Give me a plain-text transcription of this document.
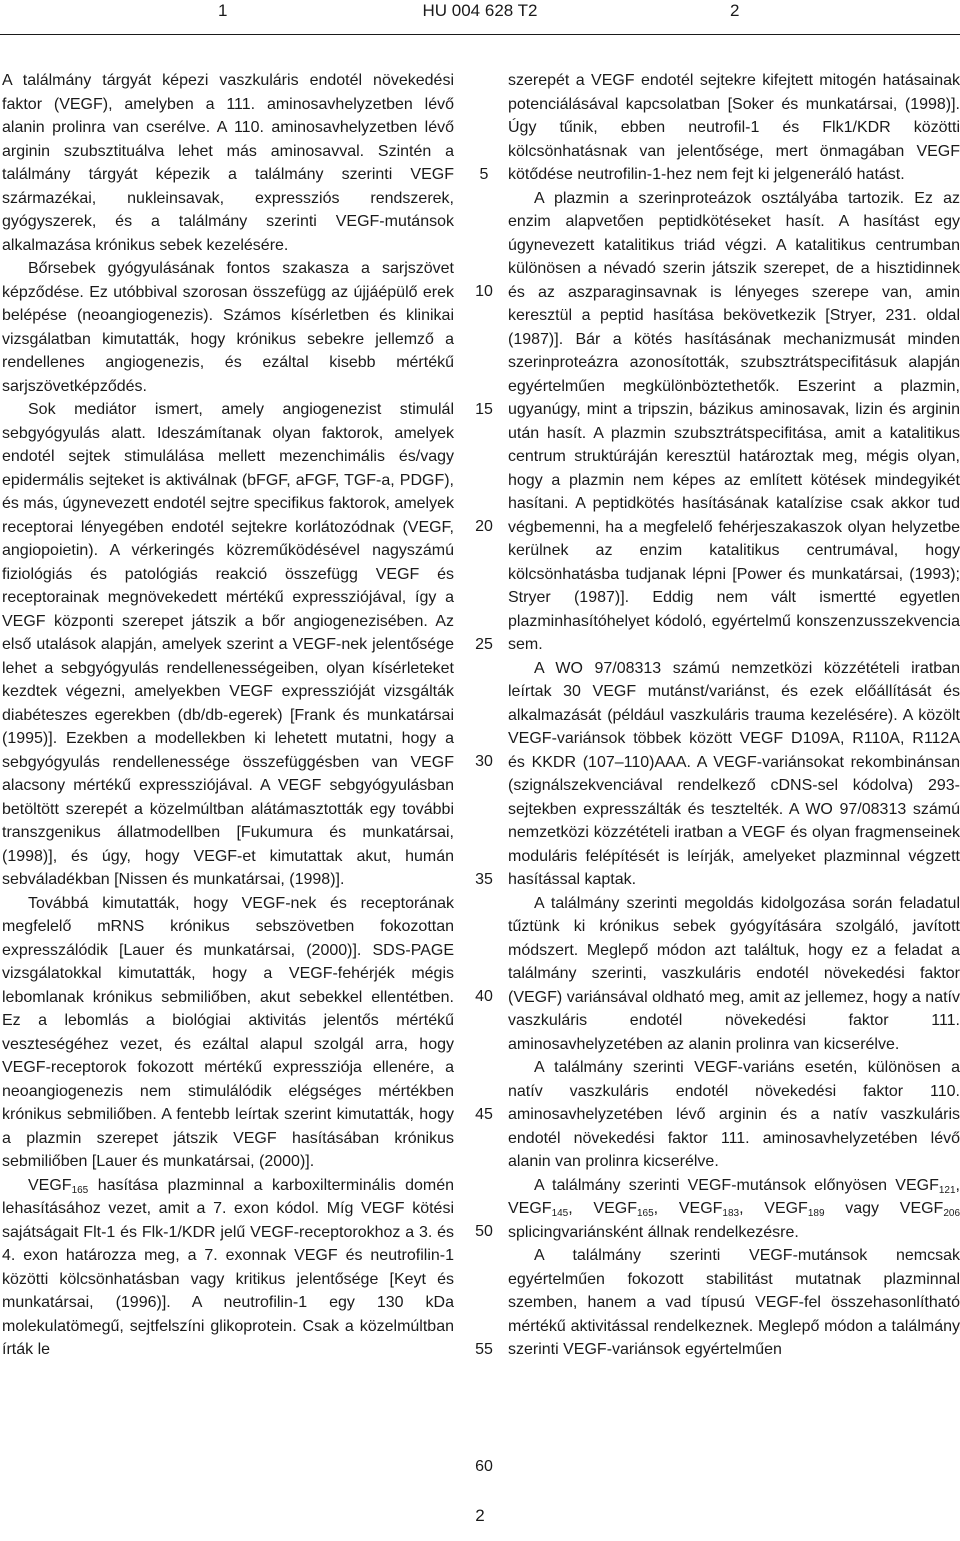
1	HU 004 628 T2	2

A találmány tárgyát képezi vaszkuláris endotél növekedési faktor (VEGF), amelyben a 111. aminosavhelyzetben lévő alanin prolinra van cserélve. A 110. aminosavhelyzetben lévő arginin szubsztituálva lehet más aminosavval. Szintén a találmány tárgyát képezik a találmány szerinti VEGF származékai, nukleinsavak, expressziós rendszerek, gyógyszerek, és a találmány szerinti VEGF-mutánsok alkalmazása krónikus sebek kezelésére.

Bőrsebek gyógyulásának fontos szakasza a sarjszövet képződése. Ez utóbbival szorosan összefügg az újjáépülő erek belépése (neoangiogenezis). Számos kísérletben és klinikai vizsgálatban kimutatták, hogy krónikus sebekre jellemző a rendellenes angiogenezis, és ezáltal kisebb mértékű sarjszövetképződés.

Sok mediátor ismert, amely angiogenezist stimulál sebgyógyulás alatt. Ideszámítanak olyan faktorok, amelyek endotél sejtek stimulálása mellett mezenchimális és/vagy epidermális sejteket is aktiválnak (bFGF, aFGF, TGF-a, PDGF), és más, úgynevezett endotél sejtre specifikus faktorok, amelyek receptorai lényegében endotél sejtekre korlátozódnak (VEGF, angiopoietin). A vérkeringés közreműködésével nagyszámú fiziológiás és patológiás reakció összefügg VEGF és receptorainak megnövekedett mértékű expressziójával, így a VEGF központi szerepet játszik a bőr angiogenezisében. Az első utalások alapján, amelyek szerint a VEGF-nek jelentősége lehet a sebgyógyulás rendellenességeiben, olyan kísérleteket kezdtek végezni, amelyekben VEGF expresszióját vizsgálták diabéteszes egerekben (db/db-egerek) [Frank és munkatársai (1995)]. Ezekben a modellekben ki lehetett mutatni, hogy a sebgyógyulás rendellenessége összefüggésben van VEGF alacsony mértékű expressziójával. A VEGF sebgyógyulásban betöltött szerepét a közelmúltban alátámasztották egy további transzgenikus állatmodellben [Fukumura és munkatársai, (1998)], és úgy, hogy VEGF-et kimutattak akut, humán sebváladékban [Nissen és munkatársai, (1998)].

Továbbá kimutatták, hogy VEGF-nek és receptorának megfelelő mRNS krónikus sebszövetben fokozottan expresszálódik [Lauer és munkatársai, (2000)]. SDS-PAGE vizsgálatokkal kimutatták, hogy a VEGF-fehérjék mégis lebomlanak krónikus sebmiliőben, akut sebekkel ellentétben. Ez a lebomlás a biológiai aktivitás jelentős mértékű veszteségéhez vezet, és ezáltal alapul szolgál arra, hogy VEGF-receptorok fokozott mértékű expressziója ellenére, a neoangiogenezis nem stimulálódik elégséges mértékben krónikus sebmiliőben. A fentebb leírtak szerint kimutatták, hogy a plazmin szerepet játszik VEGF hasításában krónikus sebmiliőben [Lauer és munkatársai, (2000)].

$VEGF_{165}$ hasítása plazminnal a karboxilterminális domén lehasításához vezet, amit a 7. exon kódol. Míg VEGF kötési sajátságait Flt-1 és Flk-1/KDR jelű VEGF-receptorokhoz a 3. és 4. exon határozza meg, a 7. exonnak VEGF és neutrofilin-1 közötti kölcsönhatásban vagy kritikus jelentősége [Keyt és munkatársai, (1996)]. A neutrofilin-1 egy 130 kDa molekulatömegű, sejtfelszíni glikoprotein. Csak a közelmúltban írták le

szerepét a VEGF endotél sejtekre kifejtett mitogén hatásainak potenciálásával kapcsolatban [Soker és munkatársai, (1998)]. Úgy tűnik, ebben neutrofil-1 és Flk1/KDR közötti kölcsönhatásnak van jelentősége, mert önmagában VEGF kötődése neutrofilin-1-hez nem fejt ki jelgeneráló hatást.

A plazmin a szerinproteázok osztályába tartozik. Ez az enzim alapvetően peptidkötéseket hasít. A hasítást egy úgynevezett katalitikus triád végzi. A katalitikus centrumban különösen a névadó szerin játszik szerepet, de a hisztidinnek és az aszparaginsavnak is lényeges szerepe van, amin keresztül a peptid hasítása bekövetkezik [Stryer, 231. oldal (1987)]. Bár a kötés hasításának mechanizmusát minden szerinproteázra azonosították, szubsztrátspecifitásuk alapján egyértelműen megkülönböztethetők. Eszerint a plazmin, ugyanúgy, mint a tripszin, bázikus aminosavak, lizin és arginin után hasít. A plazmin szubsztrátspecifitása, amit a katalitikus centrum struktúráján keresztül határoztak meg, mégis olyan, hogy a plazmin nem képes az említett kötések mindegyikét hasítani. A peptidkötés hasításának katalízise csak akkor tud végbemenni, ha a megfelelő fehérjeszakaszok olyan helyzetbe kerülnek az enzim katalitikus centrumával, hogy kölcsönhatásba tudjanak lépni [Power és munkatársai, (1993); Stryer (1987)]. Eddig nem vált ismertté egyetlen plazminhasítóhelyet kódoló, egyértelmű konszenzusszekvencia sem.

A WO 97/08313 számú nemzetközi közzétételi iratban leírtak 30 VEGF mutánst/variánst, és ezek előállítását és alkalmazását (például vaszkuláris trauma kezelésére). A közölt VEGF-variánsok többek között VEGF D109A, R110A, R112A és KKDR (107–110)AAA. A VEGF-variánsokat rekombinánsan (szignálszekvenciával rendelkező cDNS-sel kódolva) 293-sejtekben expresszálták és tesztelték. A WO 97/08313 számú nemzetközi közzétételi iratban a VEGF és olyan fragmenseinek moduláris felépítését is leírják, amelyeket plazminnal végzett hasítással kaptak.

A találmány szerinti megoldás kidolgozása során feladatul tűztünk ki krónikus sebek gyógyítására szolgáló, javított módszert. Meglepő módon azt találtuk, hogy ez a feladat a találmány szerinti, vaszkuláris endotél növekedési faktor (VEGF) variánsával oldható meg, amit az jellemez, hogy a natív vaszkuláris endotél növekedési faktor 111. aminosavhelyzetében az alanin prolinra van kicserélve.

A találmány szerinti VEGF-variáns esetén, különösen a natív vaszkuláris endotél növekedési faktor 110. aminosavhelyzetében lévő arginin és a natív vaszkuláris endotél növekedési faktor 111. aminosavhelyzetében lévő alanin van prolinra kicserélve.

A találmány szerinti VEGF-mutánsok előnyösen $VEGF_{121}$, $VEGF_{145}$, $VEGF_{165}$, $VEGF_{183}$, $VEGF_{189}$ vagy $VEGF_{206}$ splicingvariánsként állnak rendelkezésre.

A találmány szerinti VEGF-mutánsok nemcsak egyértelműen fokozott stabilitást mutatnak plazminnal szemben, hanem a vad típusú VEGF-fel összehasonlítható mértékű aktivitással rendelkeznek. Meglepő módon a találmány szerinti VEGF-variánsok egyértelműen

5
10
15
20
25
30
35
40
45
50
55
60
2
